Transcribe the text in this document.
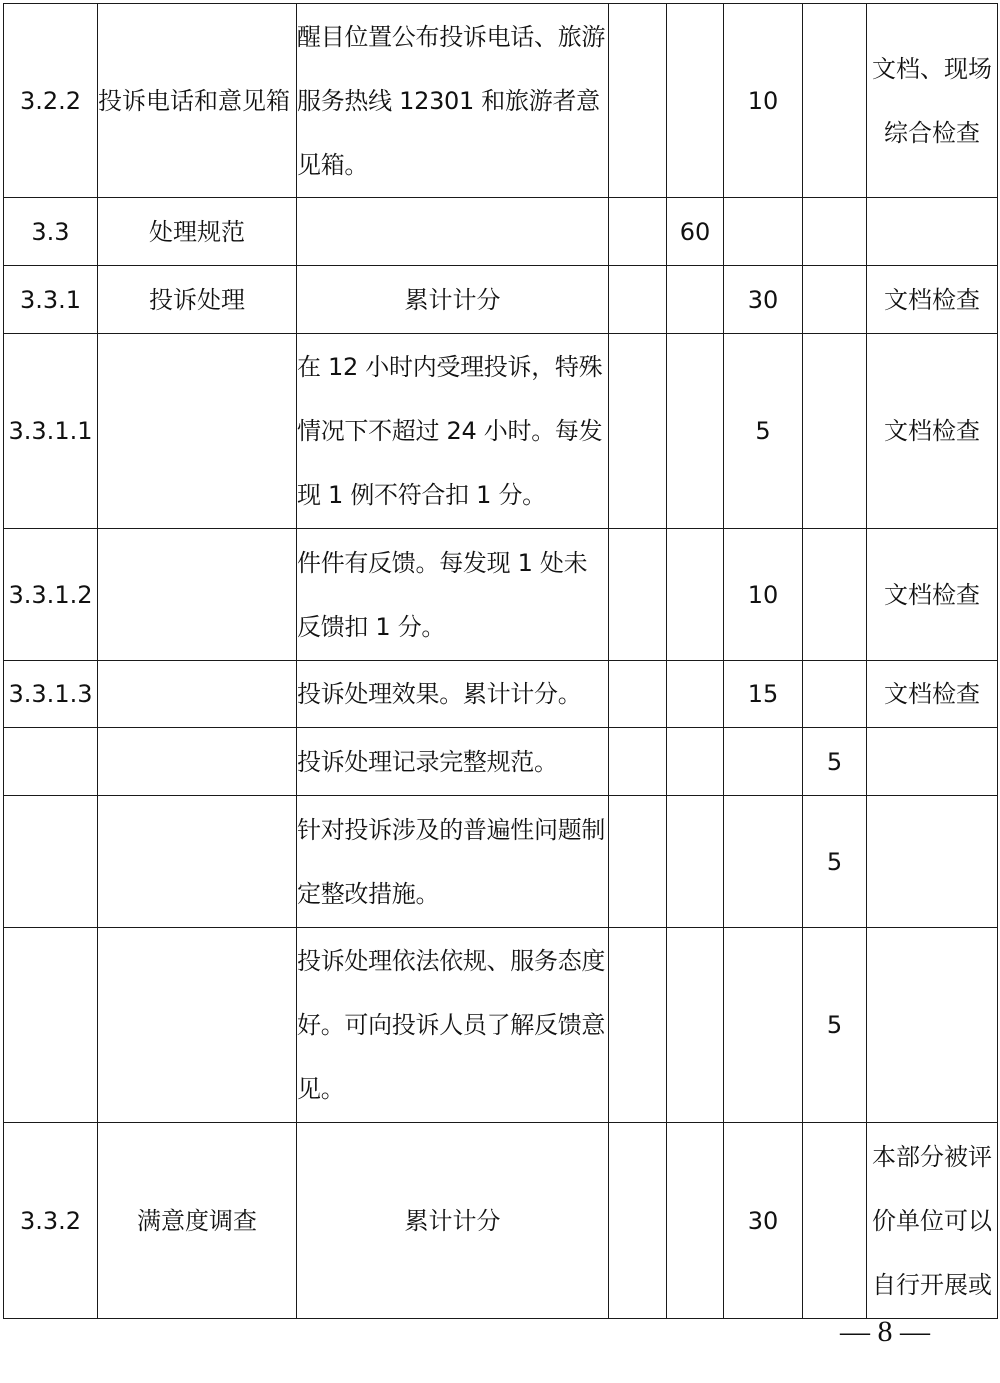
3.2.2	投诉电话和意见箱	醒目位置公布投诉电话、旅游服务热线 12301 和旅游者意见箱。			10		文档、现场综合检查
3.3	处理规范			60			
3.3.1	投诉处理	累计计分			30		文档检查
3.3.1.1		在 12 小时内受理投诉，特殊情况下不超过 24 小时。每发现 1 例不符合扣 1 分。			5		文档检查
3.3.1.2		件件有反馈。每发现 1 处未反馈扣 1 分。			10		文档检查
3.3.1.3		投诉处理效果。累计计分。			15		文档检查
		投诉处理记录完整规范。				5	
		针对投诉涉及的普遍性问题制定整改措施。				5	
		投诉处理依法依规、服务态度好。可向投诉人员了解反馈意见。				5	
3.3.2	满意度调查	累计计分			30		本部分被评价单位可以自行开展或
— 8 —
